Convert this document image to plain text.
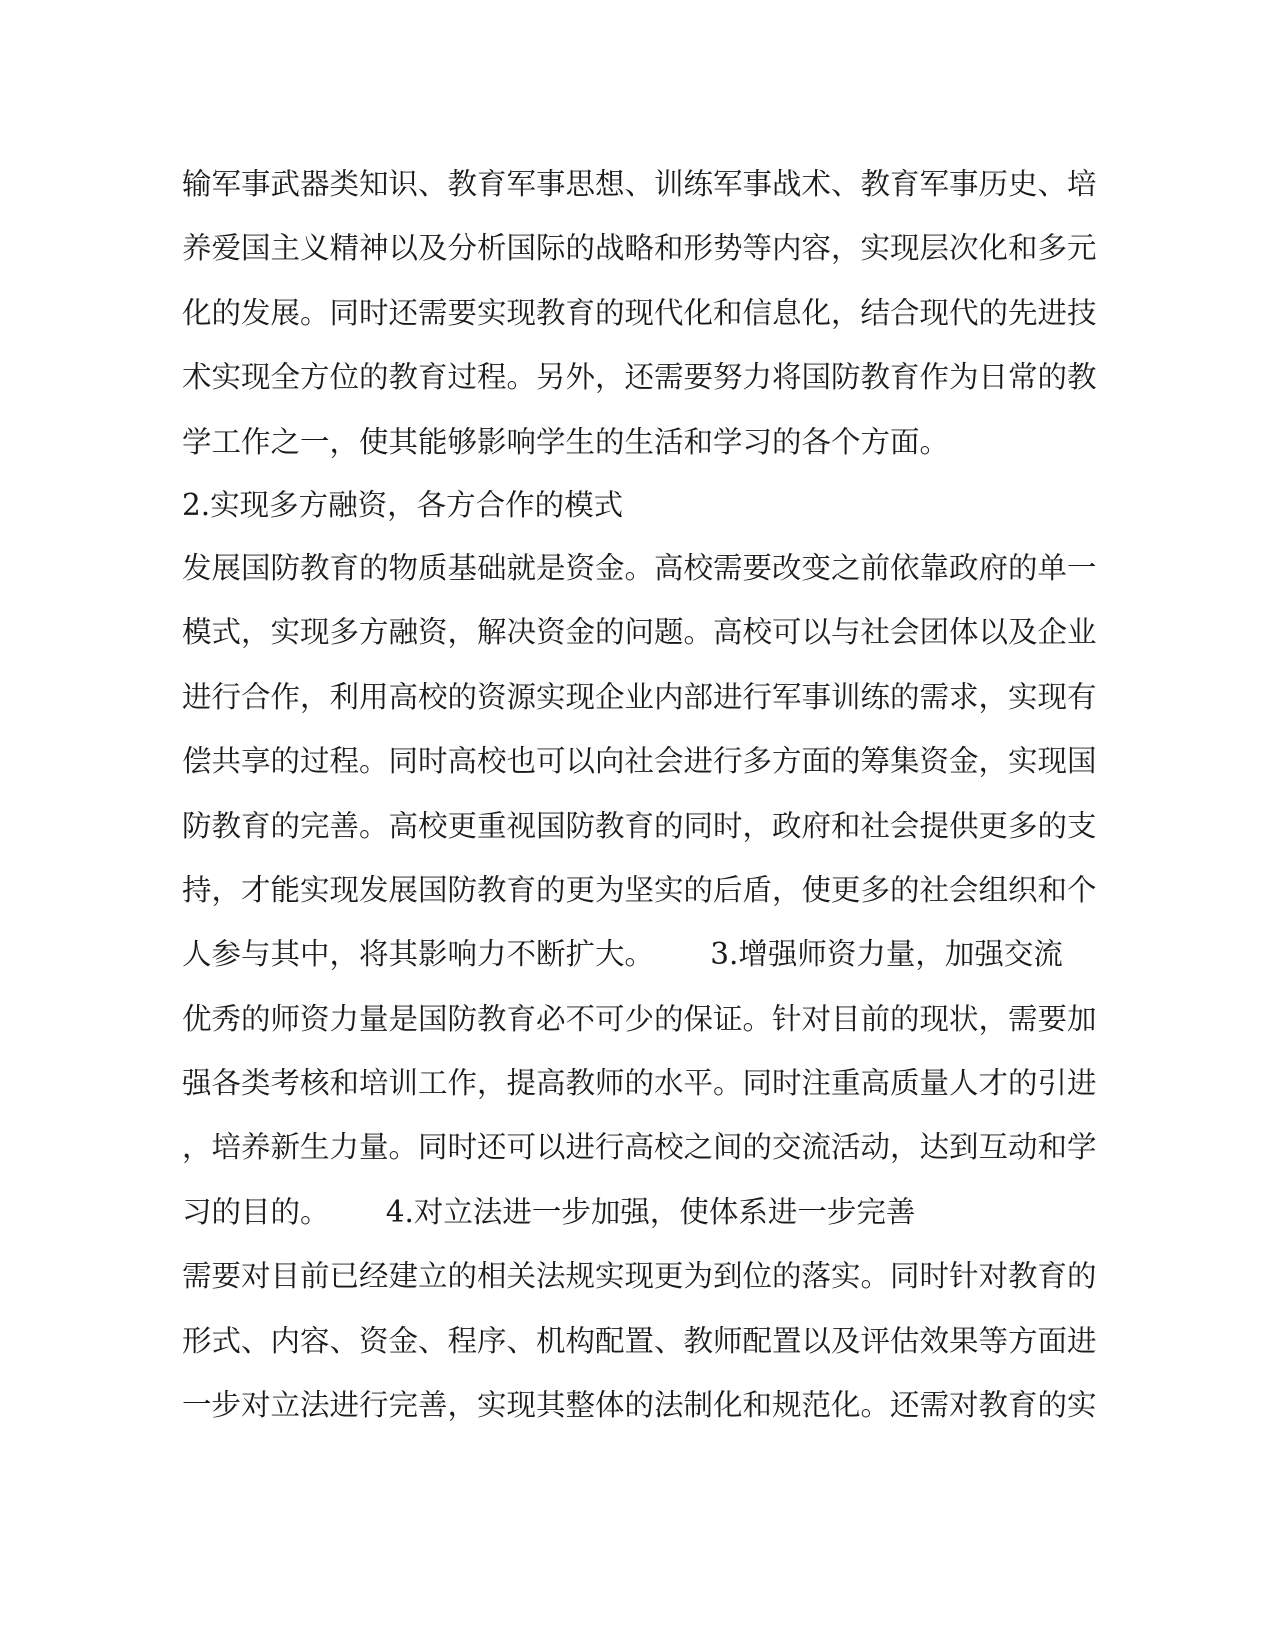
输军事武器类知识、教育军事思想、训练军事战术、教育军事历史、培
养爱国主义精神以及分析国际的战略和形势等内容，实现层次化和多元
化的发展。同时还需要实现教育的现代化和信息化，结合现代的先进技
术实现全方位的教育过程。另外，还需要努力将国防教育作为日常的教
学工作之一，使其能够影响学生的生活和学习的各个方面。
2.实现多方融资，各方合作的模式
发展国防教育的物质基础就是资金。高校需要改变之前依靠政府的单一
模式，实现多方融资，解决资金的问题。高校可以与社会团体以及企业
进行合作，利用高校的资源实现企业内部进行军事训练的需求，实现有
偿共享的过程。同时高校也可以向社会进行多方面的筹集资金，实现国
防教育的完善。高校更重视国防教育的同时，政府和社会提供更多的支
持，才能实现发展国防教育的更为坚实的后盾，使更多的社会组织和个
人参与其中，将其影响力不断扩大。      3.增强师资力量，加强交流
优秀的师资力量是国防教育必不可少的保证。针对目前的现状，需要加
强各类考核和培训工作，提高教师的水平。同时注重高质量人才的引进
，培养新生力量。同时还可以进行高校之间的交流活动，达到互动和学
习的目的。      4.对立法进一步加强，使体系进一步完善
需要对目前已经建立的相关法规实现更为到位的落实。同时针对教育的
形式、内容、资金、程序、机构配置、教师配置以及评估效果等方面进
一步对立法进行完善，实现其整体的法制化和规范化。还需对教育的实
